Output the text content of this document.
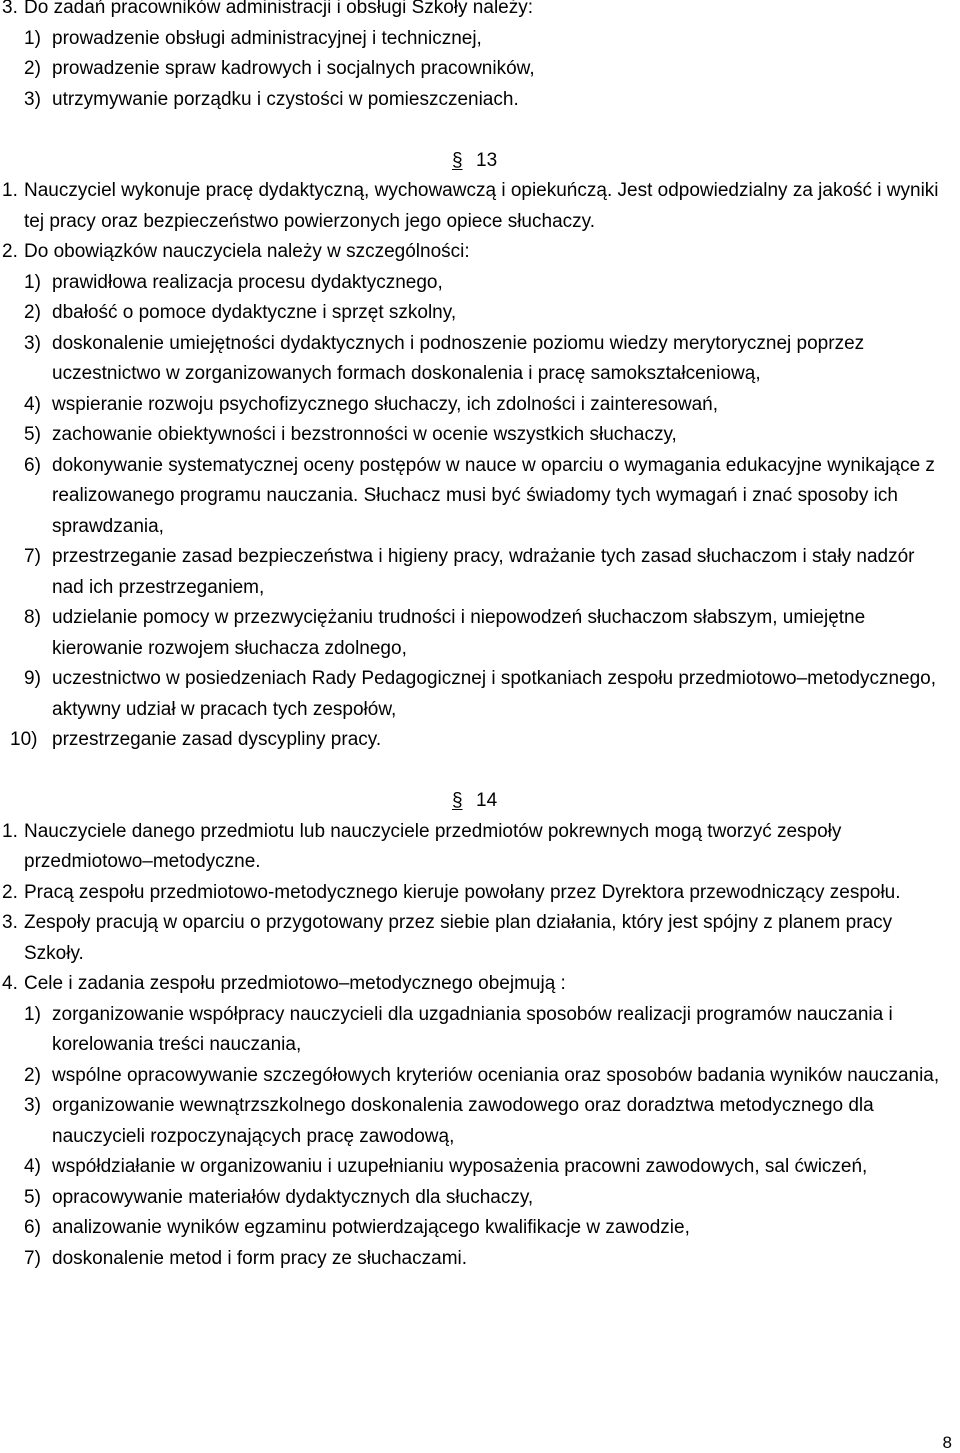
3. Do zadań pracowników administracji i obsługi Szkoły należy:
1) prowadzenie obsługi administracyjnej i technicznej,
2) prowadzenie spraw kadrowych i socjalnych pracowników,
3) utrzymywanie porządku i czystości w pomieszczeniach.
§ 13
1. Nauczyciel wykonuje pracę dydaktyczną, wychowawczą i opiekuńczą. Jest odpowiedzialny za jakość i wyniki tej pracy oraz bezpieczeństwo powierzonych jego opiece słuchaczy.
2. Do obowiązków nauczyciela należy w szczególności:
1) prawidłowa realizacja procesu dydaktycznego,
2) dbałość o pomoce dydaktyczne i sprzęt szkolny,
3) doskonalenie umiejętności dydaktycznych i podnoszenie poziomu wiedzy merytorycznej poprzez uczestnictwo w zorganizowanych formach doskonalenia i pracę samokształceniową,
4) wspieranie rozwoju psychofizycznego słuchaczy, ich zdolności i zainteresowań,
5) zachowanie obiektywności i bezstronności w ocenie wszystkich słuchaczy,
6) dokonywanie systematycznej oceny postępów w nauce w oparciu o wymagania edukacyjne wynikające z realizowanego programu nauczania. Słuchacz musi być świadomy tych wymagań i znać sposoby ich sprawdzania,
7) przestrzeganie zasad bezpieczeństwa i higieny pracy, wdrażanie tych zasad słuchaczom i stały nadzór nad ich przestrzeganiem,
8) udzielanie pomocy w przezwyciężaniu trudności i niepowodzeń słuchaczom słabszym, umiejętne kierowanie rozwojem słuchacza zdolnego,
9) uczestnictwo w posiedzeniach Rady Pedagogicznej i spotkaniach zespołu przedmiotowo–metodycznego, aktywny udział w pracach tych zespołów,
10) przestrzeganie zasad dyscypliny pracy.
§ 14
1. Nauczyciele danego przedmiotu lub nauczyciele przedmiotów pokrewnych mogą tworzyć zespoły przedmiotowo–metodyczne.
2. Pracą zespołu przedmiotowo-metodycznego kieruje powołany przez Dyrektora przewodniczący zespołu.
3. Zespoły pracują w oparciu o przygotowany przez siebie plan działania, który jest spójny z planem pracy Szkoły.
4. Cele i zadania zespołu przedmiotowo–metodycznego obejmują :
1) zorganizowanie współpracy nauczycieli dla uzgadniania sposobów realizacji programów nauczania i korelowania treści nauczania,
2) wspólne opracowywanie szczegółowych kryteriów oceniania oraz sposobów badania wyników nauczania,
3) organizowanie wewnątrzszkolnego doskonalenia zawodowego oraz doradztwa metodycznego dla nauczycieli rozpoczynających pracę zawodową,
4) współdziałanie w organizowaniu i uzupełnianiu wyposażenia pracowni zawodowych, sal ćwiczeń,
5) opracowywanie materiałów dydaktycznych dla słuchaczy,
6) analizowanie wyników egzaminu potwierdzającego kwalifikacje w zawodzie,
7) doskonalenie metod i form pracy ze słuchaczami.
8
